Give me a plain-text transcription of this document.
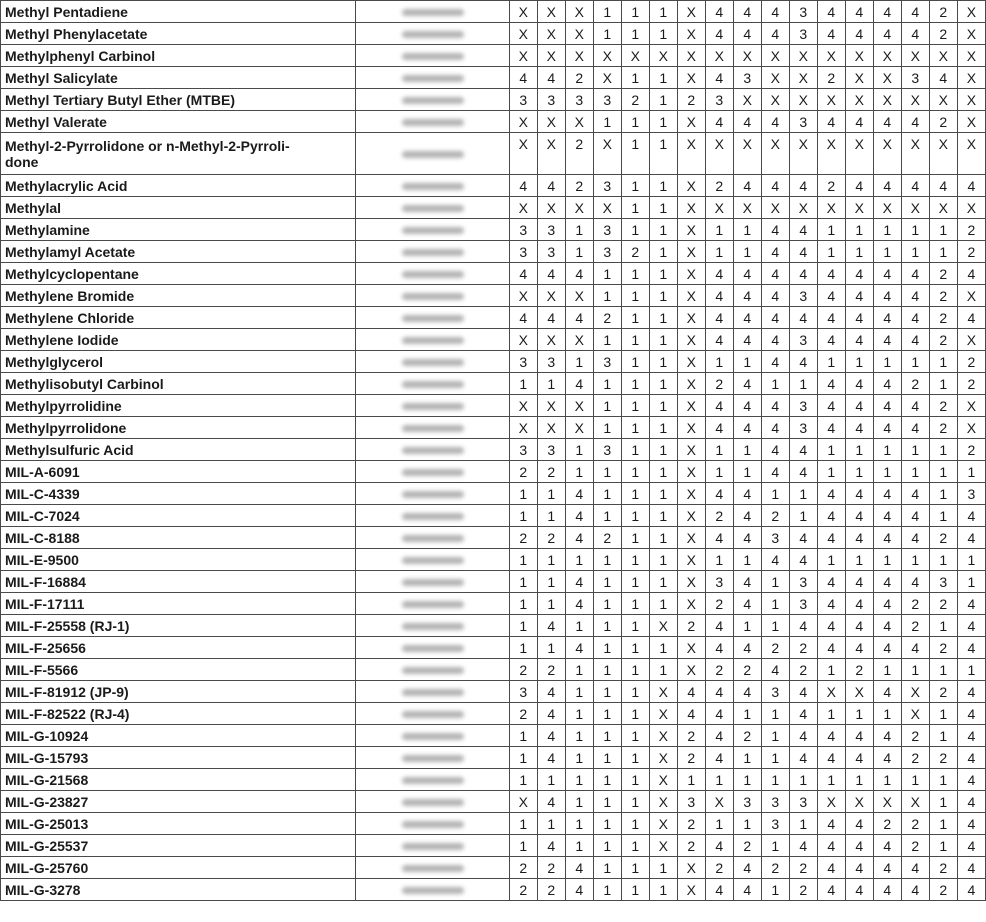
Methyl Pentadiene		X	X	X	1	1	1	X	4	4	4	3	4	4	4	4	2	X
Methyl Phenylacetate		X	X	X	1	1	1	X	4	4	4	3	4	4	4	4	2	X
Methylphenyl Carbinol		X	X	X	X	X	X	X	X	X	X	X	X	X	X	X	X	X
Methyl Salicylate		4	4	2	X	1	1	X	4	3	X	X	2	X	X	3	4	X
Methyl Tertiary Butyl Ether (MTBE)		3	3	3	3	2	1	2	3	X	X	X	X	X	X	X	X	X
Methyl Valerate		X	X	X	1	1	1	X	4	4	4	3	4	4	4	4	2	X

Methyl-2-Pyrrolidone or n-Methyl-2-Pyrroli-
done		X	X	2	X	1	1	X	X	X	X	X	X	X	X	X	X	X
Methylacrylic Acid		4	4	2	3	1	1	X	2	4	4	4	2	4	4	4	4	4
Methylal		X	X	X	X	1	1	X	X	X	X	X	X	X	X	X	X	X
Methylamine		3	3	1	3	1	1	X	1	1	4	4	1	1	1	1	1	2
Methylamyl Acetate		3	3	1	3	2	1	X	1	1	4	4	1	1	1	1	1	2
Methylcyclopentane		4	4	4	1	1	1	X	4	4	4	4	4	4	4	4	2	4
Methylene Bromide		X	X	X	1	1	1	X	4	4	4	3	4	4	4	4	2	X
Methylene Chloride		4	4	4	2	1	1	X	4	4	4	4	4	4	4	4	2	4
Methylene Iodide		X	X	X	1	1	1	X	4	4	4	3	4	4	4	4	2	X
Methylglycerol		3	3	1	3	1	1	X	1	1	4	4	1	1	1	1	1	2
Methylisobutyl Carbinol		1	1	4	1	1	1	X	2	4	1	1	4	4	4	2	1	2
Methylpyrrolidine		X	X	X	1	1	1	X	4	4	4	3	4	4	4	4	2	X
Methylpyrrolidone		X	X	X	1	1	1	X	4	4	4	3	4	4	4	4	2	X
Methylsulfuric Acid		3	3	1	3	1	1	X	1	1	4	4	1	1	1	1	1	2
MIL-A-6091		2	2	1	1	1	1	X	1	1	4	4	1	1	1	1	1	1
MIL-C-4339		1	1	4	1	1	1	X	4	4	1	1	4	4	4	4	1	3
MIL-C-7024		1	1	4	1	1	1	X	2	4	2	1	4	4	4	4	1	4
MIL-C-8188		2	2	4	2	1	1	X	4	4	3	4	4	4	4	4	2	4
MIL-E-9500		1	1	1	1	1	1	X	1	1	4	4	1	1	1	1	1	1
MIL-F-16884		1	1	4	1	1	1	X	3	4	1	3	4	4	4	4	3	1
MIL-F-17111		1	1	4	1	1	1	X	2	4	1	3	4	4	4	2	2	4
MIL-F-25558 (RJ-1)		1	4	1	1	1	X	2	4	1	1	4	4	4	4	2	1	4
MIL-F-25656		1	1	4	1	1	1	X	4	4	2	2	4	4	4	4	2	4
MIL-F-5566		2	2	1	1	1	1	X	2	2	4	2	1	2	1	1	1	1
MIL-F-81912 (JP-9)		3	4	1	1	1	X	4	4	4	3	4	X	X	4	X	2	4
MIL-F-82522 (RJ-4)		2	4	1	1	1	X	4	4	1	1	4	1	1	1	X	1	4
MIL-G-10924		1	4	1	1	1	X	2	4	2	1	4	4	4	4	2	1	4
MIL-G-15793		1	4	1	1	1	X	2	4	1	1	4	4	4	4	2	2	4
MIL-G-21568		1	1	1	1	1	X	1	1	1	1	1	1	1	1	1	1	4
MIL-G-23827		X	4	1	1	1	X	3	X	3	3	3	X	X	X	X	1	4
MIL-G-25013		1	1	1	1	1	X	2	1	1	3	1	4	4	2	2	1	4
MIL-G-25537		1	4	1	1	1	X	2	4	2	1	4	4	4	4	2	1	4
MIL-G-25760		2	2	4	1	1	1	X	2	4	2	2	4	4	4	4	2	4
MIL-G-3278		2	2	4	1	1	1	X	4	4	1	2	4	4	4	4	2	4
